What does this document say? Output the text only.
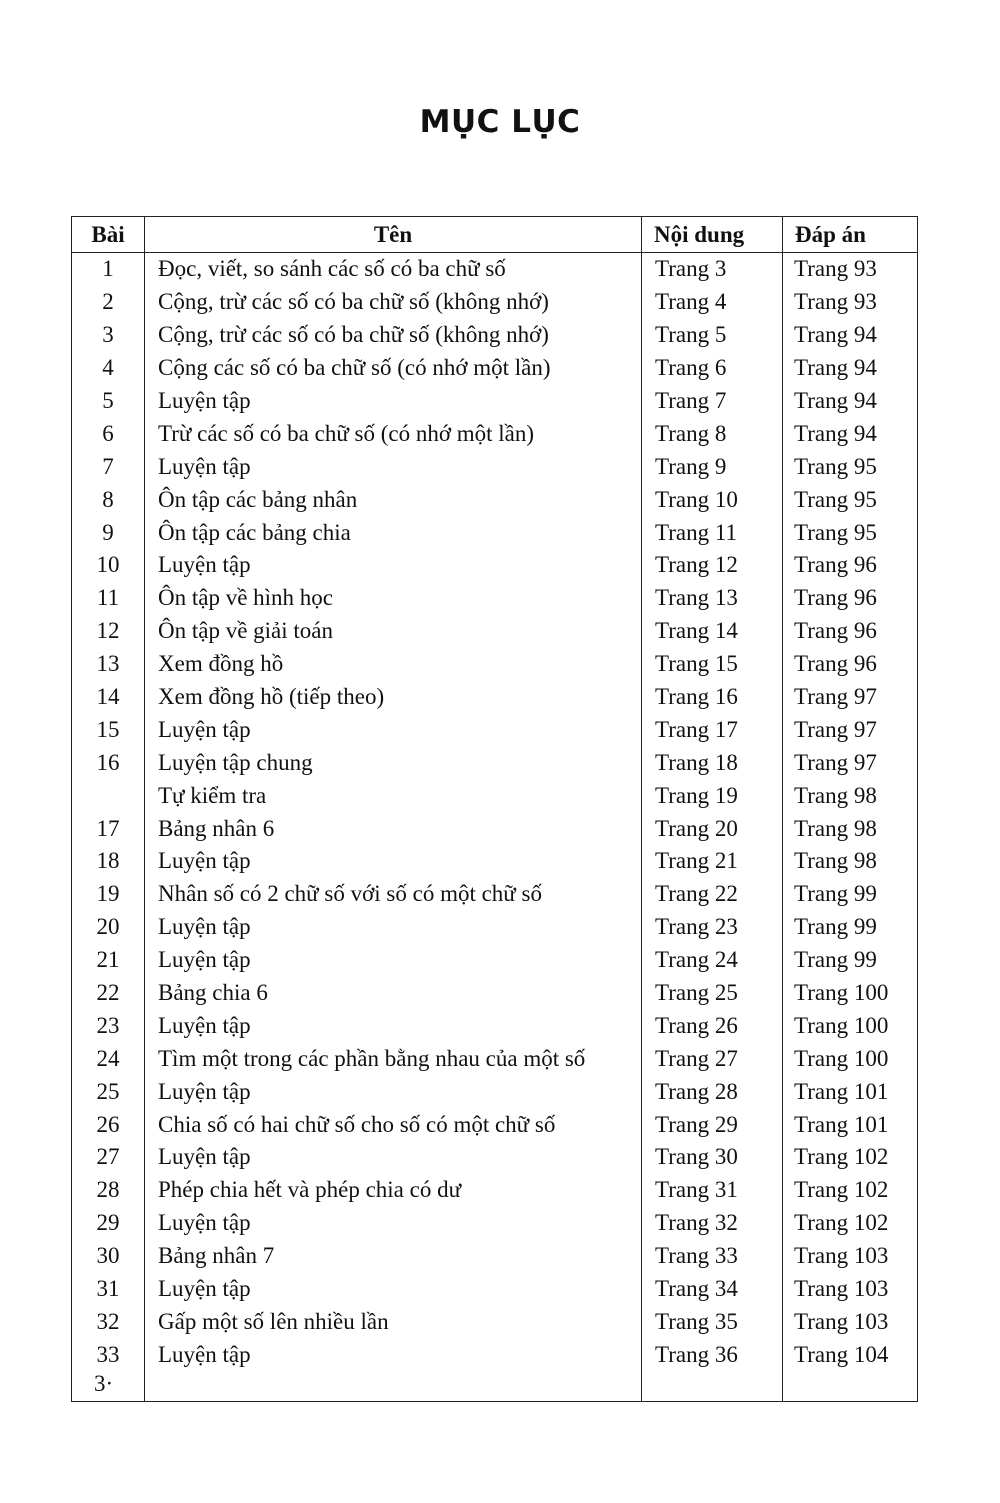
MỤC LỤC
Bài	Tên	Nội dung	Đáp án
1	Đọc, viết, so sánh các số có ba chữ số	Trang 3	Trang 93
2	Cộng, trừ các số có ba chữ số (không nhớ)	Trang 4	Trang 93
3	Cộng, trừ các số có ba chữ số (không nhớ)	Trang 5	Trang 94
4	Cộng các số có ba chữ số (có nhớ một lần)	Trang 6	Trang 94
5	Luyện tập	Trang 7	Trang 94
6	Trừ các số có ba chữ số (có nhớ một lần)	Trang 8	Trang 94
7	Luyện tập	Trang 9	Trang 95
8	Ôn tập các bảng nhân	Trang 10	Trang 95
9	Ôn tập các bảng chia	Trang 11	Trang 95
10	Luyện tập	Trang 12	Trang 96
11	Ôn tập về hình học	Trang 13	Trang 96
12	Ôn tập về giải toán	Trang 14	Trang 96
13	Xem đồng hồ	Trang 15	Trang 96
14	Xem đồng hồ (tiếp theo)	Trang 16	Trang 97
15	Luyện tập	Trang 17	Trang 97
16	Luyện tập chung	Trang 18	Trang 97
	Tự kiểm tra	Trang 19	Trang 98
17	Bảng nhân 6	Trang 20	Trang 98
18	Luyện tập	Trang 21	Trang 98
19	Nhân số có 2 chữ số với số có một chữ số	Trang 22	Trang 99
20	Luyện tập	Trang 23	Trang 99
21	Luyện tập	Trang 24	Trang 99
22	Bảng chia 6	Trang 25	Trang 100
23	Luyện tập	Trang 26	Trang 100
24	Tìm một trong các phần bằng nhau của một số	Trang 27	Trang 100
25	Luyện tập	Trang 28	Trang 101
26	Chia số có hai chữ số cho số có một chữ số	Trang 29	Trang 101
27	Luyện tập	Trang 30	Trang 102
28	Phép chia hết và phép chia có dư	Trang 31	Trang 102
29	Luyện tập	Trang 32	Trang 102
30	Bảng nhân 7	Trang 33	Trang 103
31	Luyện tập	Trang 34	Trang 103
32	Gấp một số lên nhiều lần	Trang 35	Trang 103
33	Luyện tập	Trang 36	Trang 104
3·			
